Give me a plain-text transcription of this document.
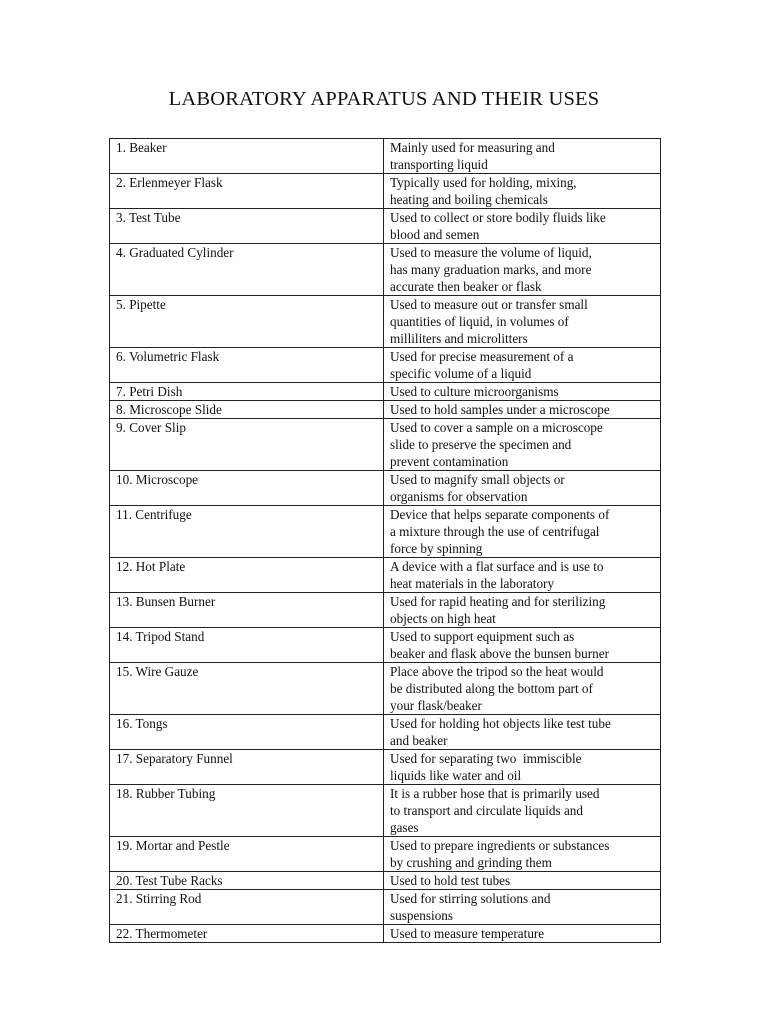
LABORATORY APPARATUS AND THEIR USES
1. Beaker	Mainly used for measuring and
transporting liquid

2. Erlenmeyer Flask	Typically used for holding, mixing,
heating and boiling chemicals

3. Test Tube	Used to collect or store bodily fluids like
blood and semen

4. Graduated Cylinder	Used to measure the volume of liquid,
has many graduation marks, and more
accurate then beaker or flask

5. Pipette	Used to measure out or transfer small
quantities of liquid, in volumes of
milliliters and microlitters

6. Volumetric Flask	Used for precise measurement of a
specific volume of a liquid

7. Petri Dish	Used to culture microorganisms

8. Microscope Slide	Used to hold samples under a microscope

9. Cover Slip	Used to cover a sample on a microscope
slide to preserve the specimen and
prevent contamination

10. Microscope	Used to magnify small objects or
organisms for observation

11. Centrifuge	Device that helps separate components of
a mixture through the use of centrifugal
force by spinning

12. Hot Plate	A device with a flat surface and is use to
heat materials in the laboratory

13. Bunsen Burner	Used for rapid heating and for sterilizing
objects on high heat

14. Tripod Stand	Used to support equipment such as
beaker and flask above the bunsen burner

15. Wire Gauze	Place above the tripod so the heat would
be distributed along the bottom part of
your flask/beaker

16. Tongs	Used for holding hot objects like test tube
and beaker

17. Separatory Funnel	Used for separating two  immiscible
liquids like water and oil

18. Rubber Tubing	It is a rubber hose that is primarily used
to transport and circulate liquids and
gases

19. Mortar and Pestle	Used to prepare ingredients or substances
by crushing and grinding them

20. Test Tube Racks	Used to hold test tubes

21. Stirring Rod	Used for stirring solutions and
suspensions

22. Thermometer	Used to measure temperature
